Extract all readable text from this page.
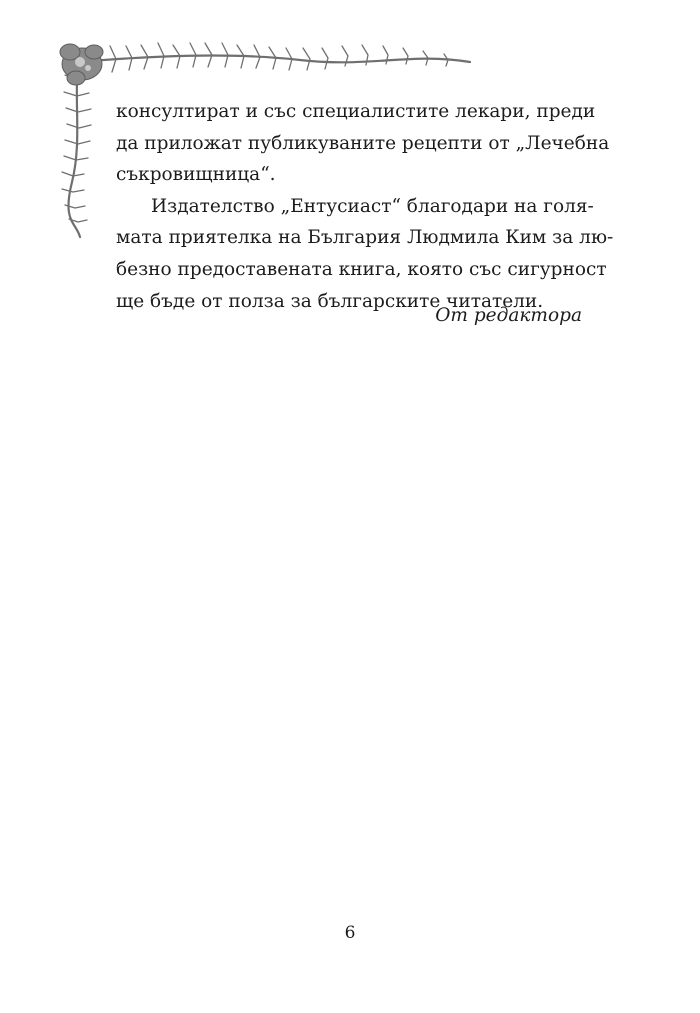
консултират и със специалистите лекари, преди
да приложат публикуваните рецепти от „Лечебна
съкровищница“.

Издателство „Ентусиаст“ благодари на голя-
мата приятелка на България Людмила Ким за лю-
безно предоставената книга, която със сигурност
ще бъде от полза за българските читатели.

От редактора
6
